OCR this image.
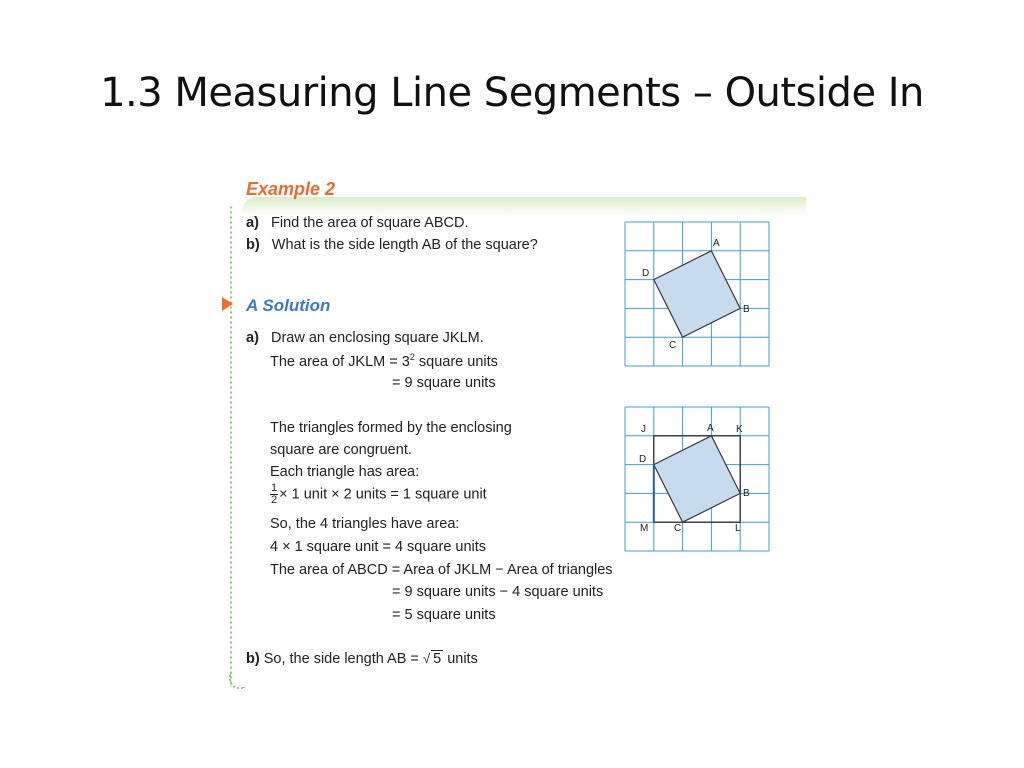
1.3 Measuring Line Segments – Outside In
Example 2
a) Find the area of square ABCD.
b) What is the side length AB of the square?
A Solution
a) Draw an enclosing square JKLM.
The area of JKLM = $3^2$ square units
= 9 square units
The triangles formed by the enclosing
square are congruent.
Each triangle has area:
$\frac{1}{2} \times 1$ unit × 2 units = 1 square unit
So, the 4 triangles have area:
4 × 1 square unit = 4 square units
The area of ABCD = Area of JKLM − Area of triangles
= 9 square units − 4 square units
= 5 square units
b) So, the side length AB = √ 5 units
A
B
C
D
J	A K
D
B
M	C	L
